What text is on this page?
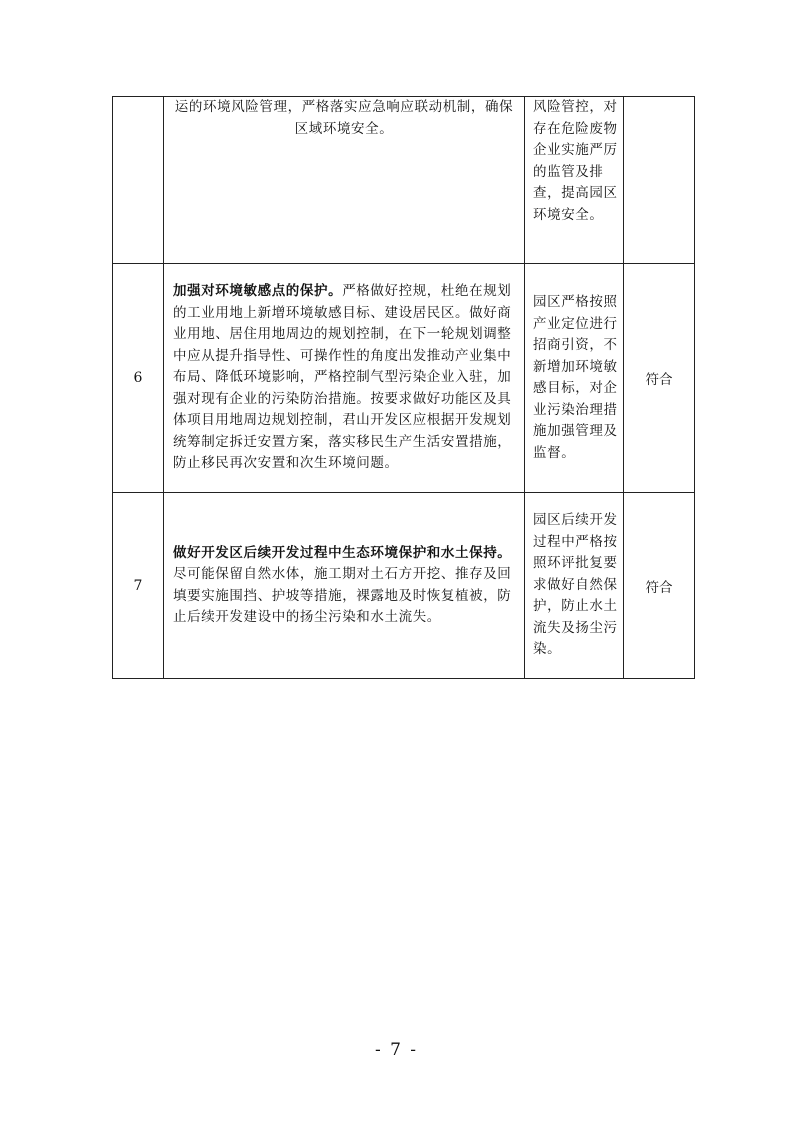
	运的环境风险管理，严格落实应急响应联动机制，确保区域环境安全。	风险管控，对存在危险废物企业实施严厉的监管及排查，提高园区环境安全。	
6	加强对环境敏感点的保护。严格做好控规，杜绝在规划的工业用地上新增环境敏感目标、建设居民区。做好商业用地、居住用地周边的规划控制，在下一轮规划调整中应从提升指导性、可操作性的角度出发推动产业集中布局、降低环境影响，严格控制气型污染企业入驻，加强对现有企业的污染防治措施。按要求做好功能区及具体项目用地周边规划控制，君山开发区应根据开发规划统筹制定拆迁安置方案，落实移民生产生活安置措施，防止移民再次安置和次生环境问题。	园区严格按照产业定位进行招商引资，不新增加环境敏感目标，对企业污染治理措施加强管理及监督。	符合
7	做好开发区后续开发过程中生态环境保护和水土保持。尽可能保留自然水体，施工期对土石方开挖、推存及回填要实施围挡、护坡等措施，裸露地及时恢复植被，防止后续开发建设中的扬尘污染和水土流失。	园区后续开发过程中严格按照环评批复要求做好自然保护，防止水土流失及扬尘污染。	符合
- 7 -
